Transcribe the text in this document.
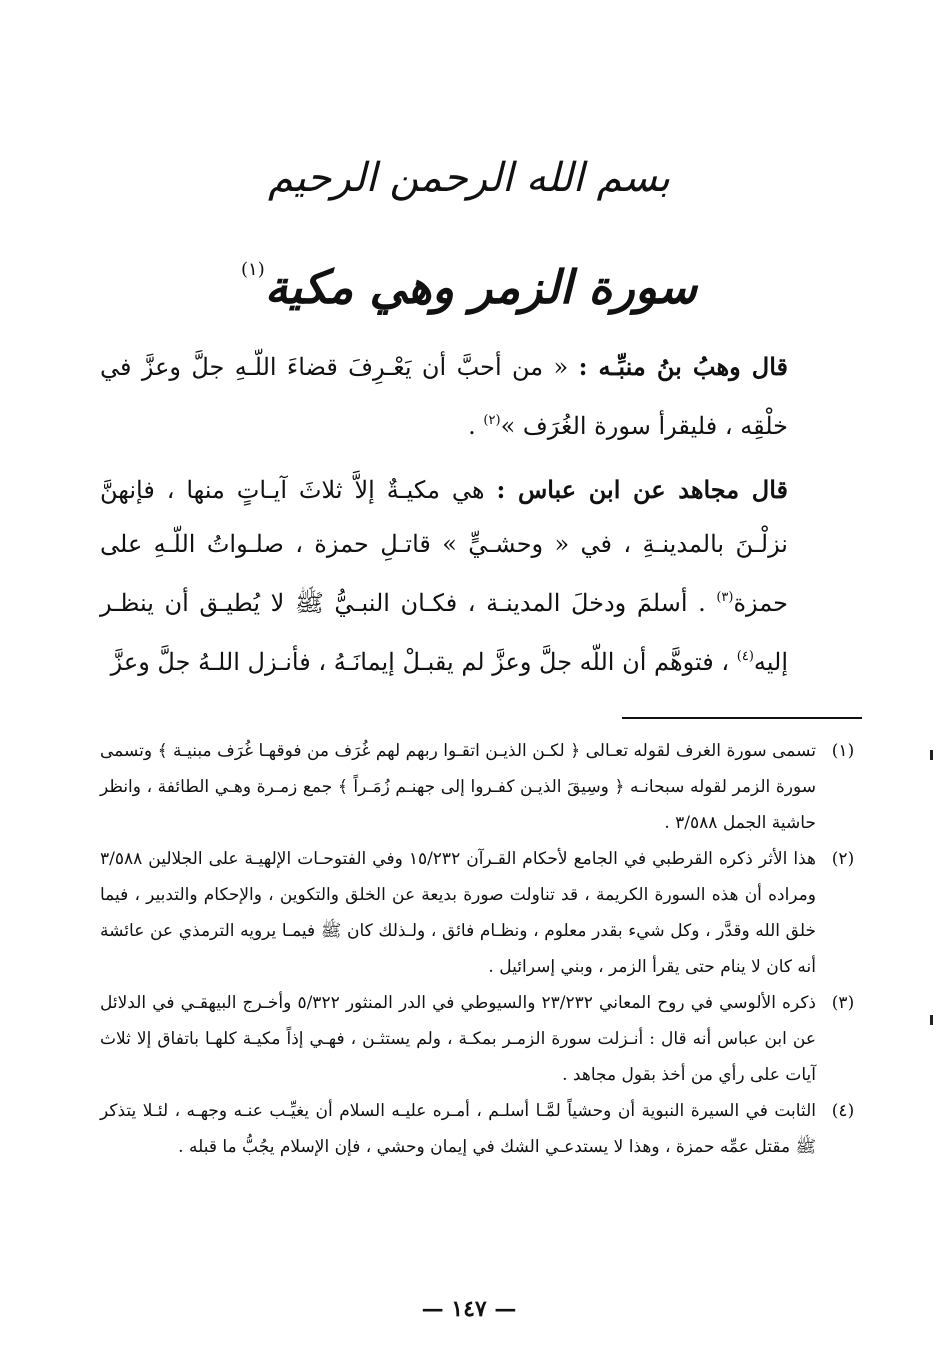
بسم الله الرحمن الرحيم
سورة الزمر وهي مكية$^{(١)}$

قال وهبُ بنُ منبِّـه : « من أحبَّ أن يَعْـرِفَ قضاءَ اللّـهِ جلَّ وعزَّ في خلْقِه ، فليقرأ سورة الغُرَف »$^{(٢)}$ .

قال مجاهد عن ابن عباس : هي مكيـةٌ إلاَّ ثلاثَ آيـاتٍ منها ، فإنهنَّ نزلْـنَ بالمدينـةِ ، في « وحشـيٍّ » قاتـلِ حمزة ، صلـواتُ اللّـهِ على حمزة$^{(٣)}$ . أسلمَ ودخلَ المدينـة ، فكـان النبـيُّ ﷺ لا يُطيـق أن ينظـر إليه$^{(٤)}$ ، فتوهَّم أن اللّه جلَّ وعزَّ لم يقبـلْ إيمانَـهُ ، فأنـزل اللـهُ جلَّ وعزَّ

(١)

تسمى سورة الغرف لقوله تعـالى ﴿ لكـن الذيـن اتقـوا ربهم لهم غُرَف من فوقهـا غُرَف مبنيـة ﴾ وتسمى سورة الزمر لقوله سبحانـه ﴿ وسِيقَ الذيـن كفـروا إلى جهنـم زُمَـراً ﴾ جمع زمـرة وهـي الطائفة ، وانظر حاشية الجمل ٣/٥٨٨ .

(٢)

هذا الأثر ذكره القرطبي في الجامع لأحكام القـرآن ١٥/٢٣٢ وفي الفتوحـات الإلهيـة على الجلالين ٣/٥٨٨ ومراده أن هذه السورة الكريمة ، قد تناولت صورة بديعة عن الخلق والتكوين ، والإحكام والتدبير ، فيما خلق الله وقدَّر ، وكل شيء بقدر معلوم ، ونظـام فائق ، ولـذلك كان ﷺ فيمـا يرويه الترمذي عن عائشة أنه كان لا ينام حتى يقرأ الزمر ، وبني إسرائيل .

(٣)

ذكره الألوسي في روح المعاني ٢٣/٢٣٢ والسيوطي في الدر المنثور ٥/٣٢٢ وأخـرج البيهقـي في الدلائل عن ابن عباس أنه قال : أنـزلت سورة الزمـر بمكـة ، ولم يستثـن ، فهـي إذاً مكيـة كلهـا باتفاق إلا ثلاث آيات على رأي من أخذ بقول مجاهد .

(٤)

الثابت في السيرة النبوية أن وحشياً لمَّـا أسلـم ، أمـره عليـه السلام أن يغيِّـب عنـه وجهـه ، لئـلا يتذكر ﷺ مقتل عمِّه حمزة ، وهذا لا يستدعـي الشك في إيمان وحشي ، فإن الإسلام يجُبُّ ما قبله .

— ١٤٧ —
